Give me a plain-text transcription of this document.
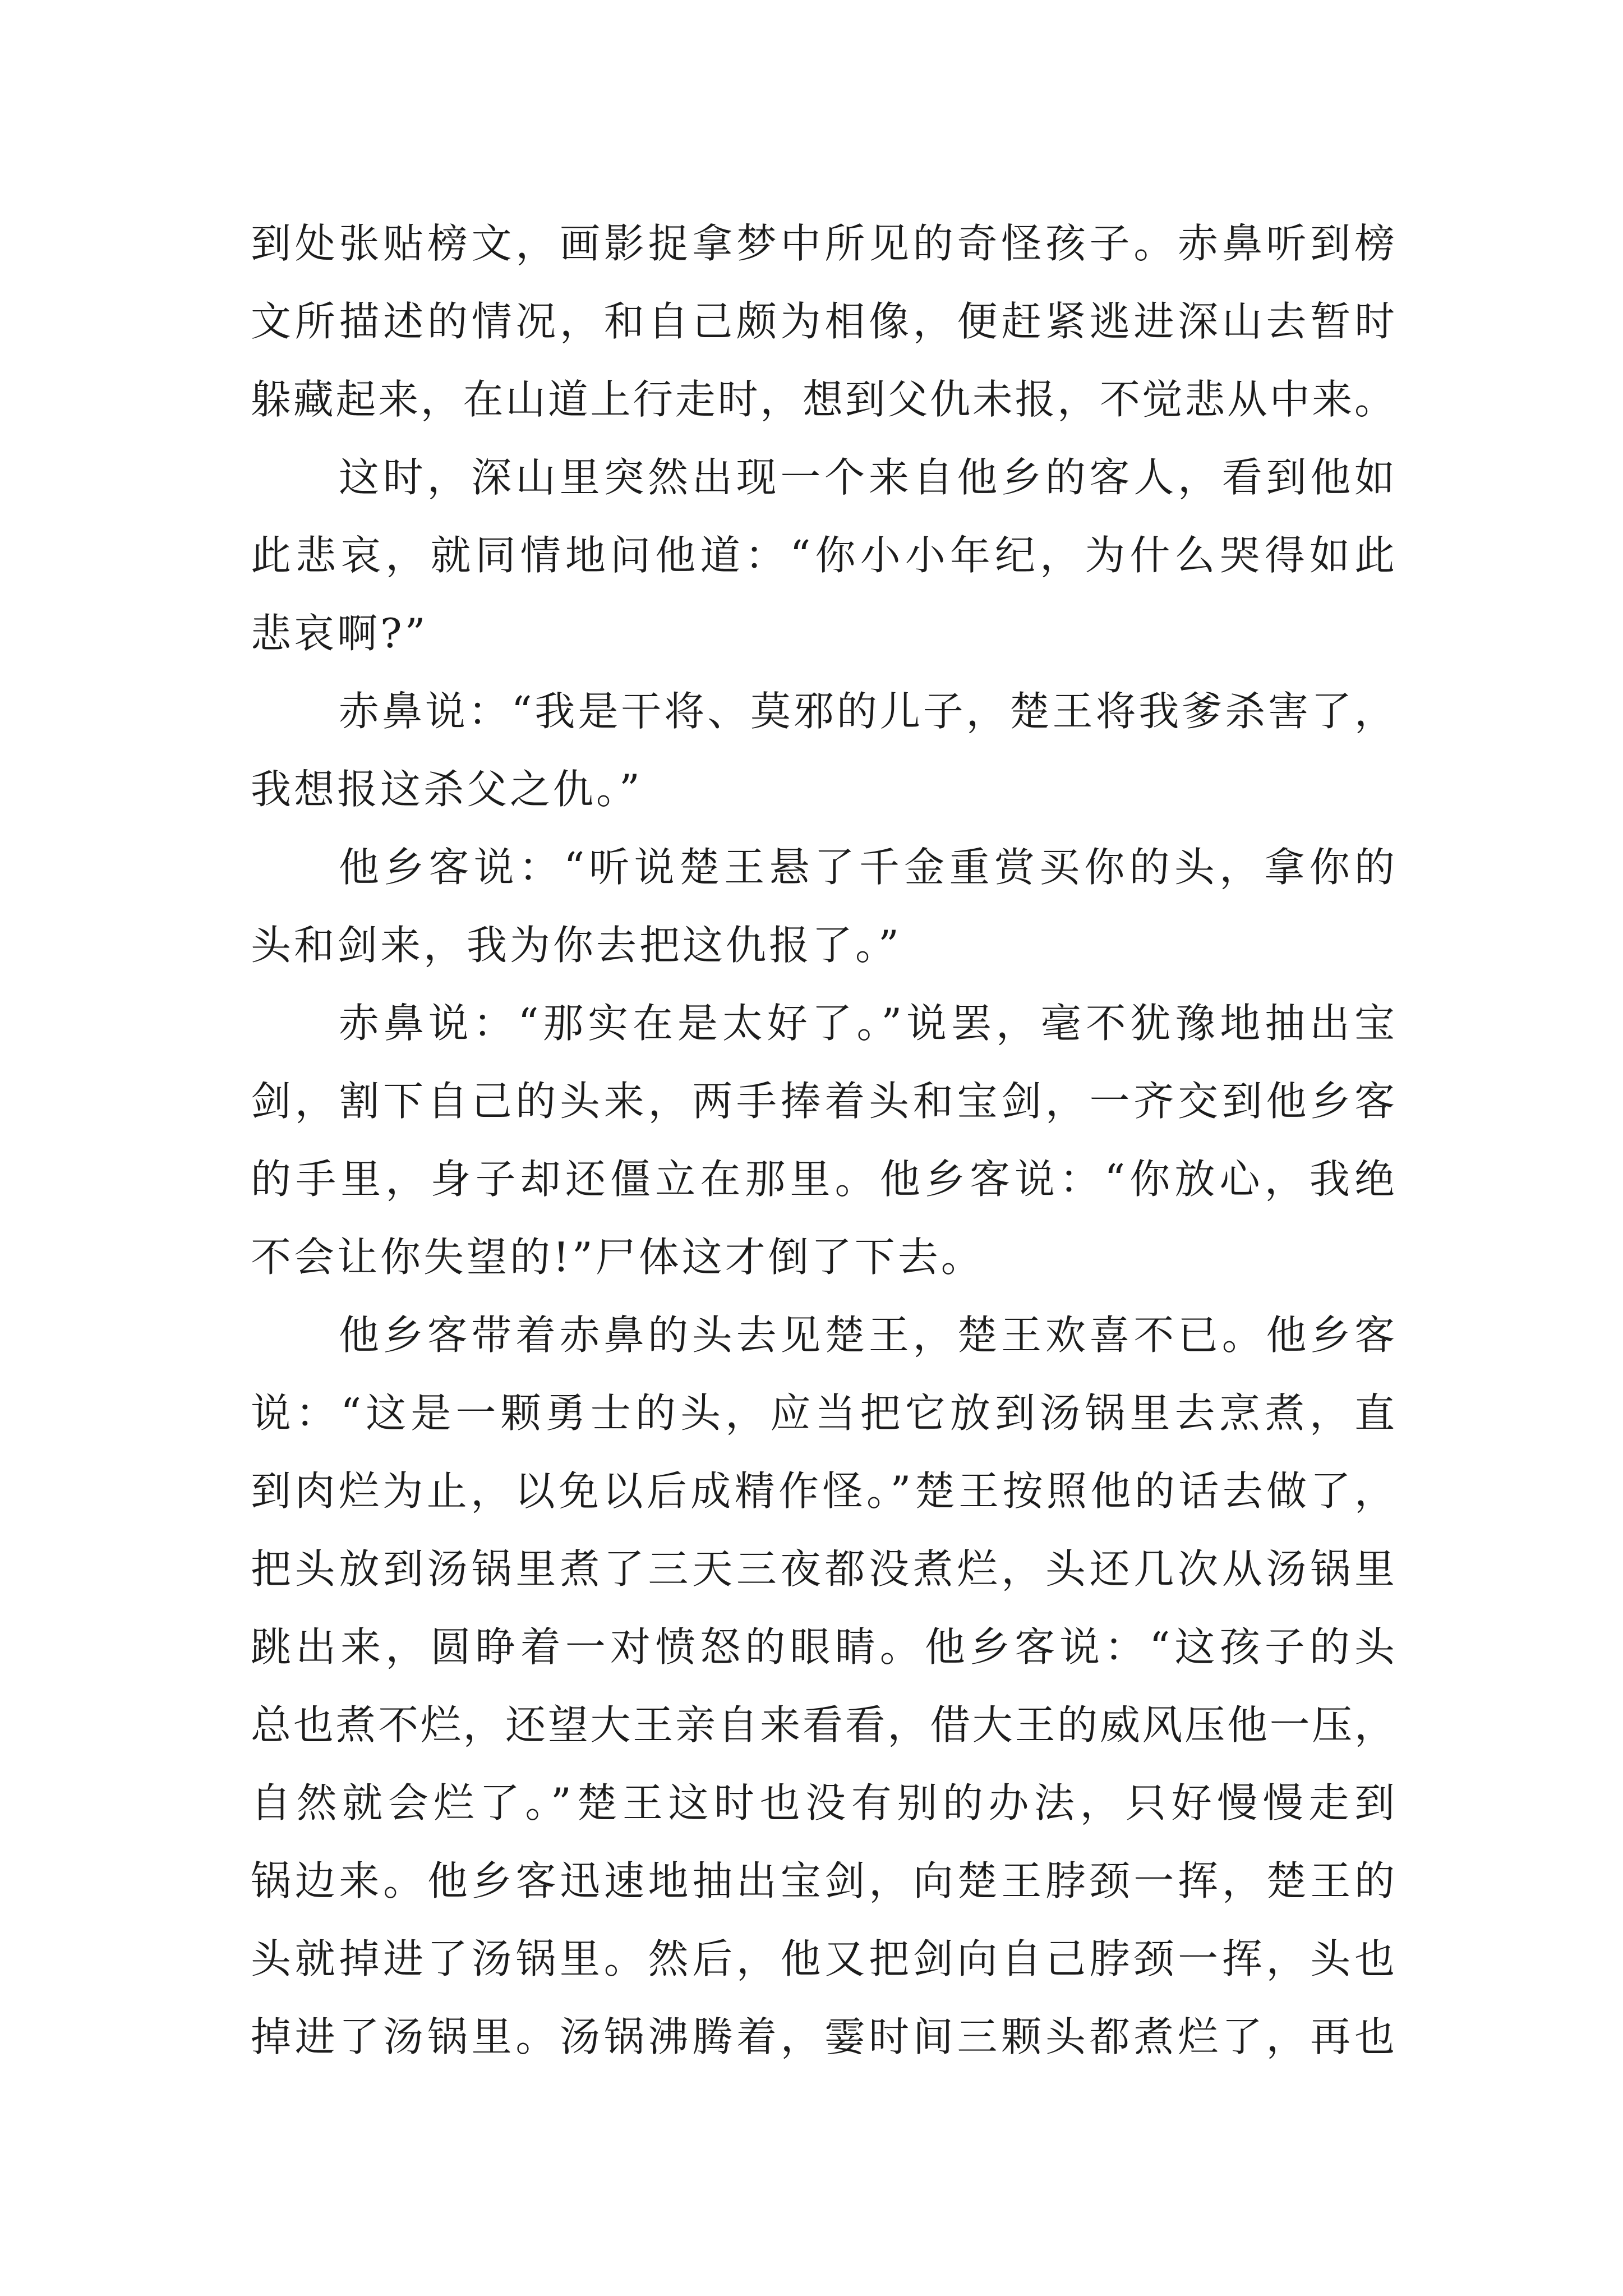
到处张贴榜文，画影捉拿梦中所见的奇怪孩子。赤鼻听到榜
文所描述的情况，和自己颇为相像，便赶紧逃进深山去暂时
躲藏起来，在山道上行走时，想到父仇未报，不觉悲从中来。
这时，深山里突然出现一个来自他乡的客人，看到他如
此悲哀，就同情地问他道：“你小小年纪，为什么哭得如此
悲哀啊?”
赤鼻说：“我是干将、莫邪的儿子，楚王将我爹杀害了，
我想报这杀父之仇。”
他乡客说：“听说楚王悬了千金重赏买你的头，拿你的
头和剑来，我为你去把这仇报了。”
赤鼻说：“那实在是太好了。”说罢，毫不犹豫地抽出宝
剑，割下自己的头来，两手捧着头和宝剑，一齐交到他乡客
的手里，身子却还僵立在那里。他乡客说：“你放心，我绝
不会让你失望的!”尸体这才倒了下去。
他乡客带着赤鼻的头去见楚王，楚王欢喜不已。他乡客
说：“这是一颗勇士的头，应当把它放到汤锅里去烹煮，直
到肉烂为止，以免以后成精作怪。”楚王按照他的话去做了，
把头放到汤锅里煮了三天三夜都没煮烂，头还几次从汤锅里
跳出来，圆睁着一对愤怒的眼睛。他乡客说：“这孩子的头
总也煮不烂，还望大王亲自来看看，借大王的威风压他一压，
自然就会烂了。”楚王这时也没有别的办法，只好慢慢走到
锅边来。他乡客迅速地抽出宝剑，向楚王脖颈一挥，楚王的
头就掉进了汤锅里。然后，他又把剑向自己脖颈一挥，头也
掉进了汤锅里。汤锅沸腾着，霎时间三颗头都煮烂了，再也
